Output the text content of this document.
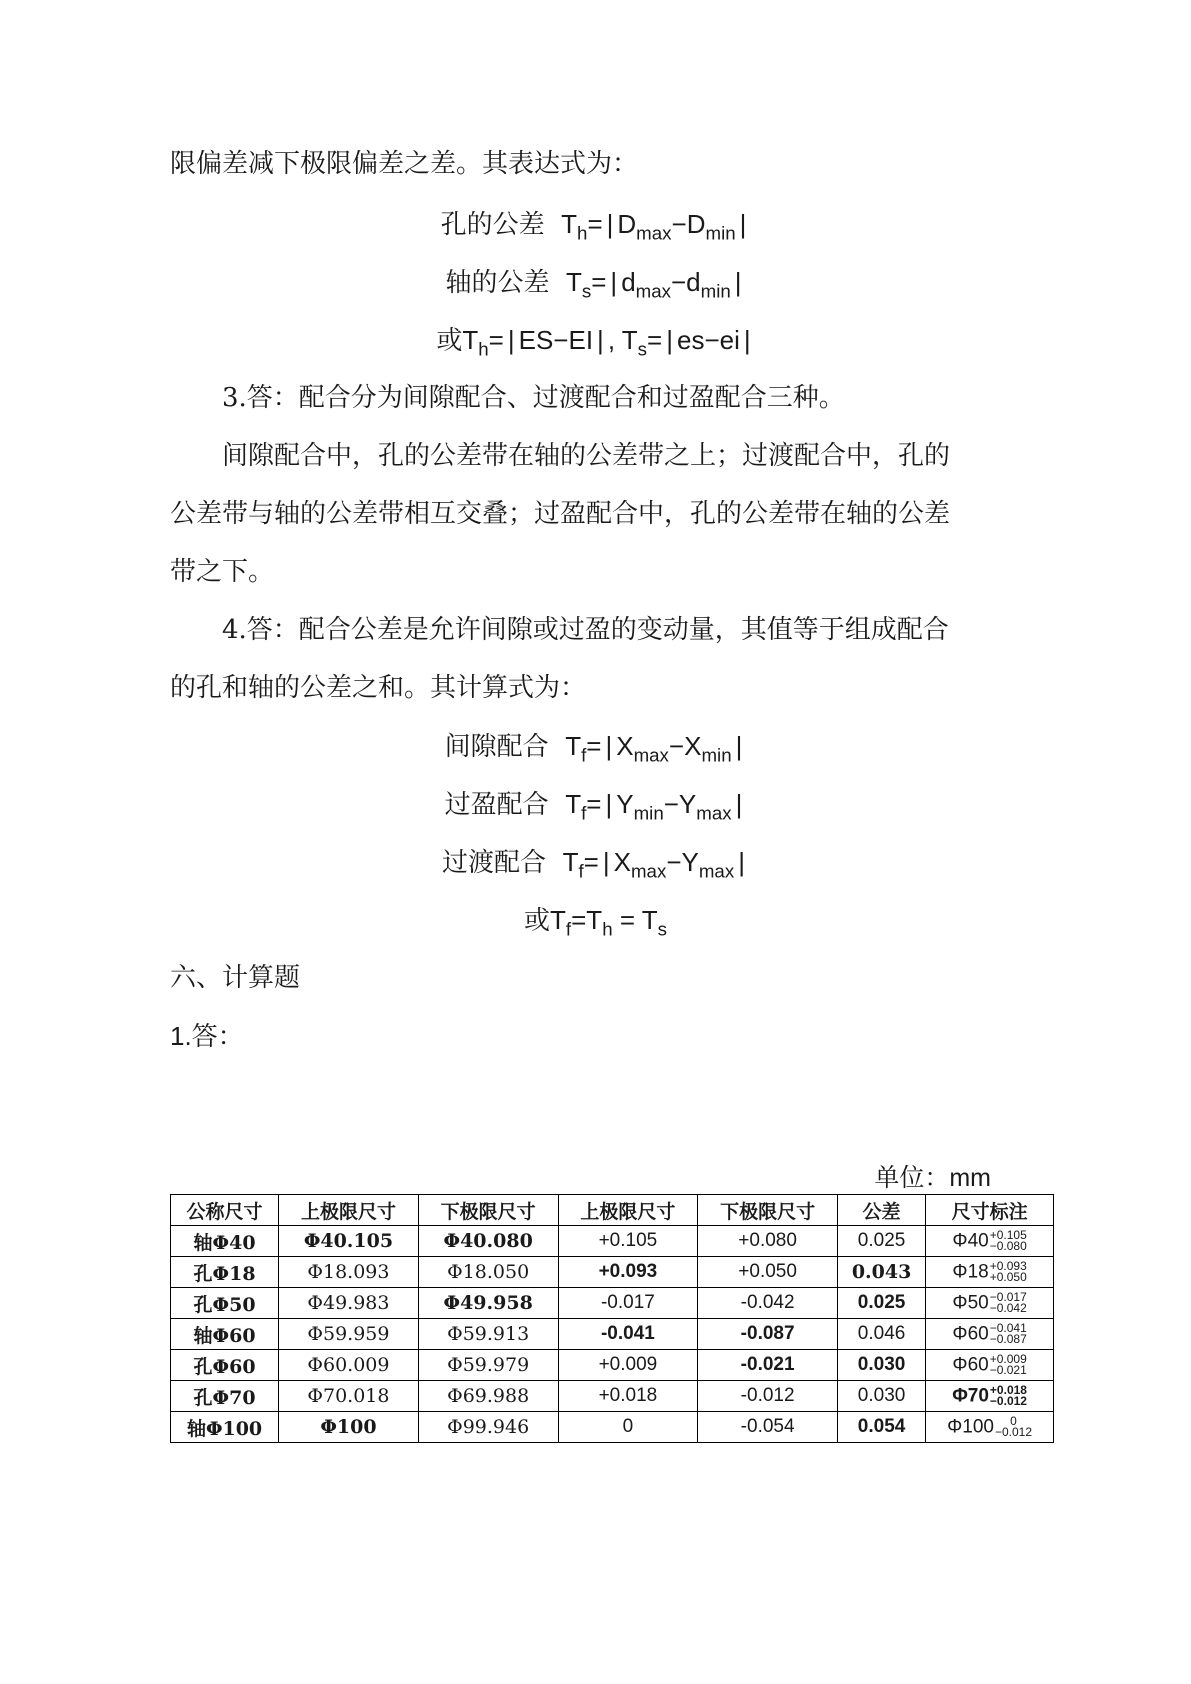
限偏差减下极限偏差之差。其表达式为：
孔的公差 $T_h=$ | $D_{max}-D_{min}$ |
轴的公差 $T_s=$ | $d_{max}-d_{min}$ |
或$T_h=$ | ES−EI | , $T_s=$ | es−ei |
3.答：配合分为间隙配合、过渡配合和过盈配合三种。
间隙配合中，孔的公差带在轴的公差带之上；过渡配合中，孔的
公差带与轴的公差带相互交叠；过盈配合中，孔的公差带在轴的公差
带之下。
4.答：配合公差是允许间隙或过盈的变动量，其值等于组成配合
的孔和轴的公差之和。其计算式为：
间隙配合 $T_f=$ | $X_{max}-X_{min}$ |
过盈配合 $T_f=$ | $Y_{min}-Y_{max}$ |
过渡配合 $T_f=$ | $X_{max}-Y_{max}$ |
或$T_f=T_h = T_s$
六、计算题
1.答：
单位：mm
公称尺寸	上极限尺寸	下极限尺寸	上极限尺寸	下极限尺寸	公差	尺寸标注
轴Φ40	Φ40.105	Φ40.080	+0.105	+0.080	0.025	Φ40 +0.105
−0.080

孔Φ18	Φ18.093	Φ18.050	+0.093	+0.050	0.043	Φ18 +0.093
+0.050

孔Φ50	Φ49.983	Φ49.958	-0.017	-0.042	0.025	Φ50 −0.017
−0.042

轴Φ60	Φ59.959	Φ59.913	-0.041	-0.087	0.046	Φ60 −0.041
−0.087

孔Φ60	Φ60.009	Φ59.979	+0.009	-0.021	0.030	Φ60 +0.009
−0.021

孔Φ70	Φ70.018	Φ69.988	+0.018	-0.012	0.030	Φ70 +0.018
−0.012

轴Φ100	Φ100	Φ99.946	0	-0.054	0.054	Φ100 0
−0.012
